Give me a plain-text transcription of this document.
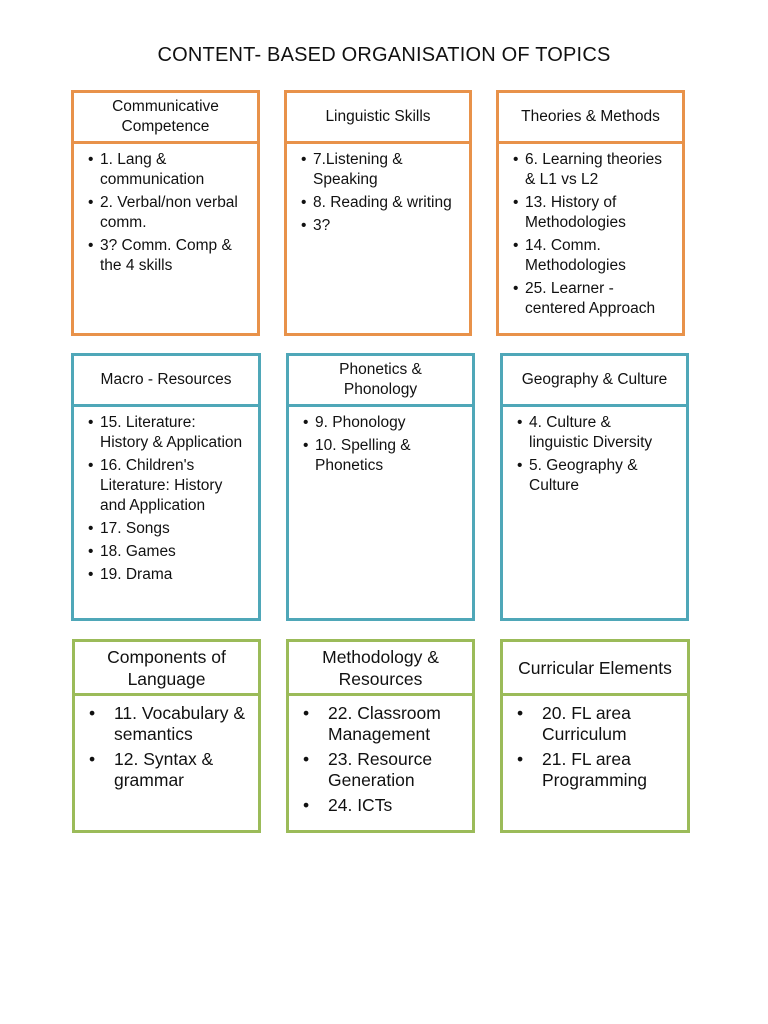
CONTENT- BASED ORGANISATION OF TOPICS
Communicative Competence
• 1. Lang & communication
• 2. Verbal/non verbal comm.
• 3? Comm. Comp & the 4 skills
Linguistic Skills
• 7.Listening & Speaking
• 8. Reading & writing
• 3?
Theories & Methods
• 6. Learning theories & L1 vs L2
• 13. History of Methodologies
• 14. Comm. Methodologies
• 25. Learner - centered Approach
Macro - Resources
• 15. Literature: History & Application
• 16. Children's Literature: History and Application
• 17. Songs
• 18. Games
• 19. Drama
Phonetics & Phonology
• 9. Phonology
• 10. Spelling & Phonetics
Geography & Culture
• 4. Culture & linguistic Diversity
• 5. Geography & Culture
Components of Language
• 11. Vocabulary & semantics
• 12. Syntax & grammar
Methodology & Resources
• 22. Classroom Management
• 23. Resource Generation
• 24. ICTs
Curricular Elements
• 20. FL area Curriculum
• 21. FL area Programming
